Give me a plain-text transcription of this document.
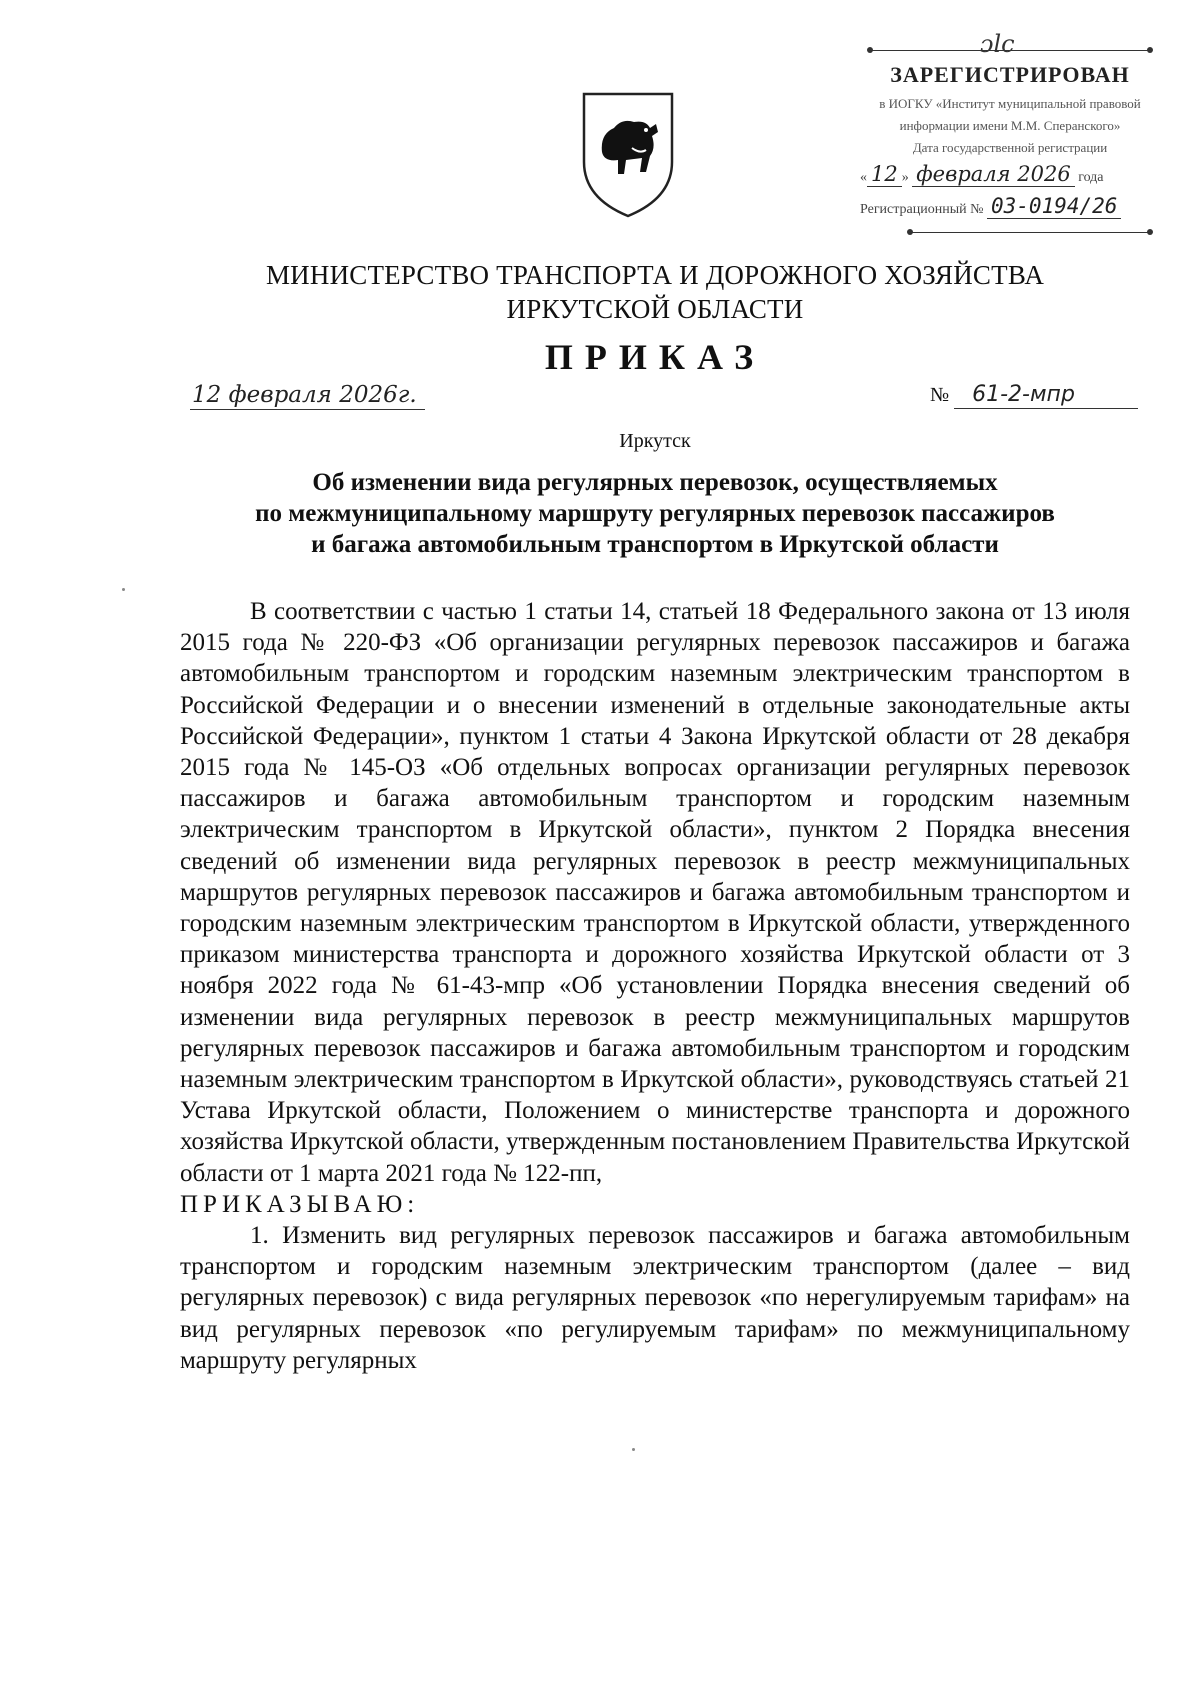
ɔlc
ЗАРЕГИСТРИРОВАН
в ИОГКУ «Институт муниципальной правовой
информации имени М.М. Сперанского»
Дата государственной регистрации
« 12 » февраля 2026 года
Регистрационный № 03-0194/26
МИНИСТЕРСТВО ТРАНСПОРТА И ДОРОЖНОГО ХОЗЯЙСТВА
ИРКУТСКОЙ ОБЛАСТИ
ПРИКАЗ
12 февраля 2026г.	№ 61-2-мпр
Иркутск
Об изменении вида регулярных перевозок, осуществляемых
по межмуниципальному маршруту регулярных перевозок пассажиров
и багажа автомобильным транспортом в Иркутской области

В соответствии с частью 1 статьи 14, статьей 18 Федерального закона от 13 июля 2015 года № 220-ФЗ «Об организации регулярных перевозок пассажиров и багажа автомобильным транспортом и городским наземным электрическим транспортом в Российской Федерации и о внесении изменений в отдельные законодательные акты Российской Федерации», пунктом 1 статьи 4 Закона Иркутской области от 28 декабря 2015 года № 145-ОЗ «Об отдельных вопросах организации регулярных перевозок пассажиров и багажа автомобильным транспортом и городским наземным электрическим транспортом в Иркутской области», пунктом 2 Порядка внесения сведений об изменении вида регулярных перевозок в реестр межмуниципальных маршрутов регулярных перевозок пассажиров и багажа автомобильным транспортом и городским наземным электрическим транспортом в Иркутской области, утвержденного приказом министерства транспорта и дорожного хозяйства Иркутской области от 3 ноября 2022 года № 61-43-мпр «Об установлении Порядка внесения сведений об изменении вида регулярных перевозок в реестр межмуниципальных маршрутов регулярных перевозок пассажиров и багажа автомобильным транспортом и городским наземным электрическим транспортом в Иркутской области», руководствуясь статьей 21 Устава Иркутской области, Положением о министерстве транспорта и дорожного хозяйства Иркутской области, утвержденным постановлением Правительства Иркутской области от 1 марта 2021 года № 122-пп,

ПРИКАЗЫВАЮ:

1. Изменить вид регулярных перевозок пассажиров и багажа автомобильным транспортом и городским наземным электрическим транспортом (далее – вид регулярных перевозок) с вида регулярных перевозок «по нерегулируемым тарифам» на вид регулярных перевозок «по регулируемым тарифам» по межмуниципальному маршруту регулярных
